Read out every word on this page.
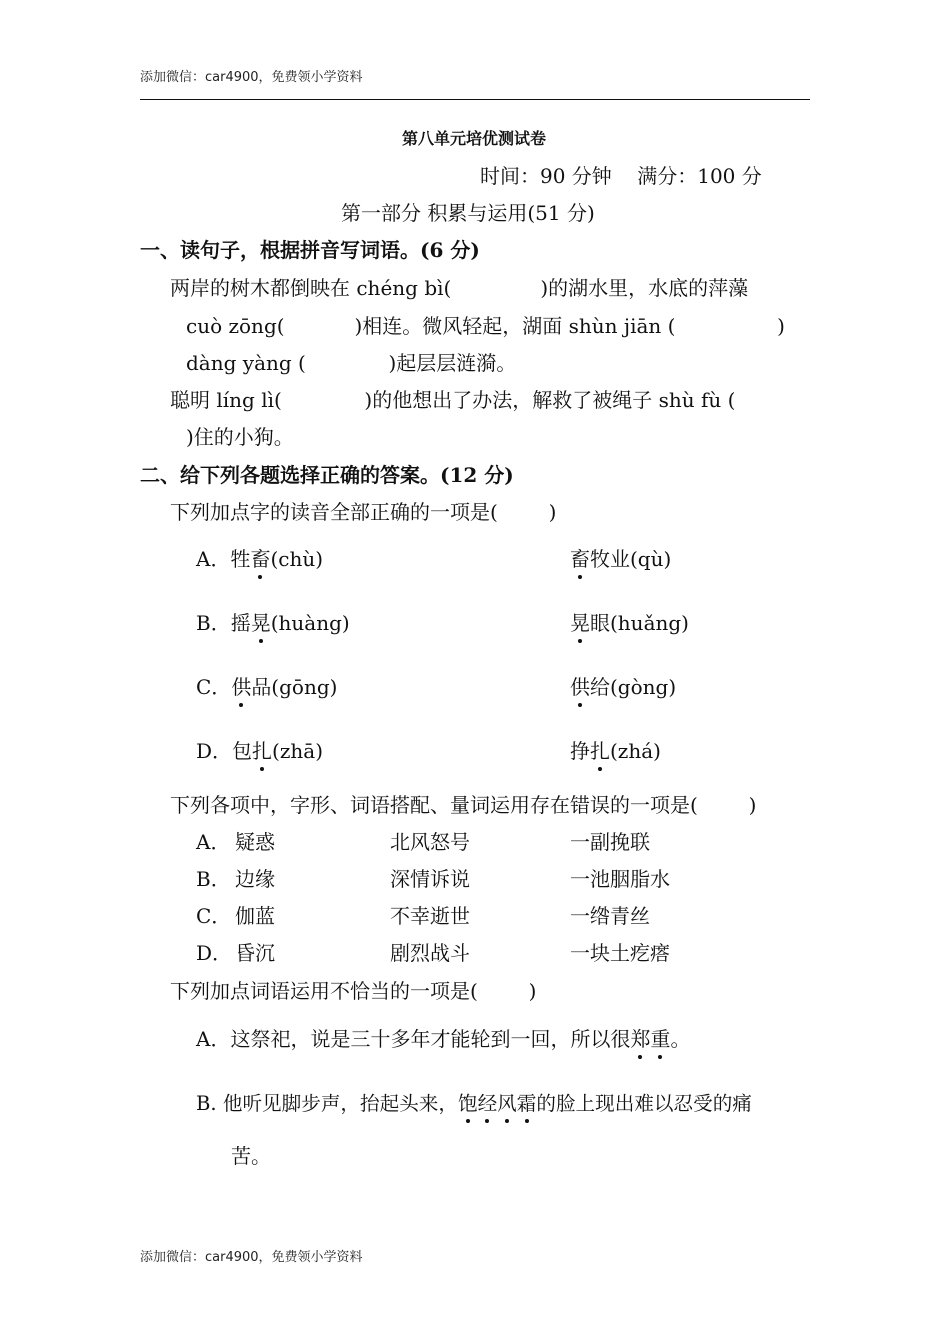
添加微信：car4900，免费领小学资料
第八单元培优测试卷
时间：90 分钟    满分：100 分
第一部分 积累与运用(51 分)
一、读句子，根据拼音写词语。(6 分)
两岸的树木都倒映在 chéng bì(              )的湖水里，水底的萍藻
cuò zōng(           )相连。微风轻起，湖面 shùn jiān (                )
dàng yàng (             )起层层涟漪。
聪明 líng lì(             )的他想出了办法，解救了被绳子 shù fù (
)住的小狗。
二、给下列各题选择正确的答案。(12 分)
下列加点字的读音全部正确的一项是(        )
A．牲畜(chù)	畜牧业(qù)
B．摇晃(huàng)	晃眼(huǎng)
C．供品(gōng)	供给(gòng)
D．包扎(zhā)	挣扎(zhá)
下列各项中，字形、词语搭配、量词运用存在错误的一项是(        )
A． 疑惑	北风怒号	一副挽联
B． 边缘	深情诉说	一池胭脂水
C． 伽蓝	不幸逝世	一绺青丝
D． 昏沉	剧烈战斗	一块土疙瘩
下列加点词语运用不恰当的一项是(        )
A．这祭祀，说是三十多年才能轮到一回，所以很郑重。
B. 他听见脚步声，抬起头来，饱经风霜的脸上现出难以忍受的痛
苦。
添加微信：car4900，免费领小学资料
